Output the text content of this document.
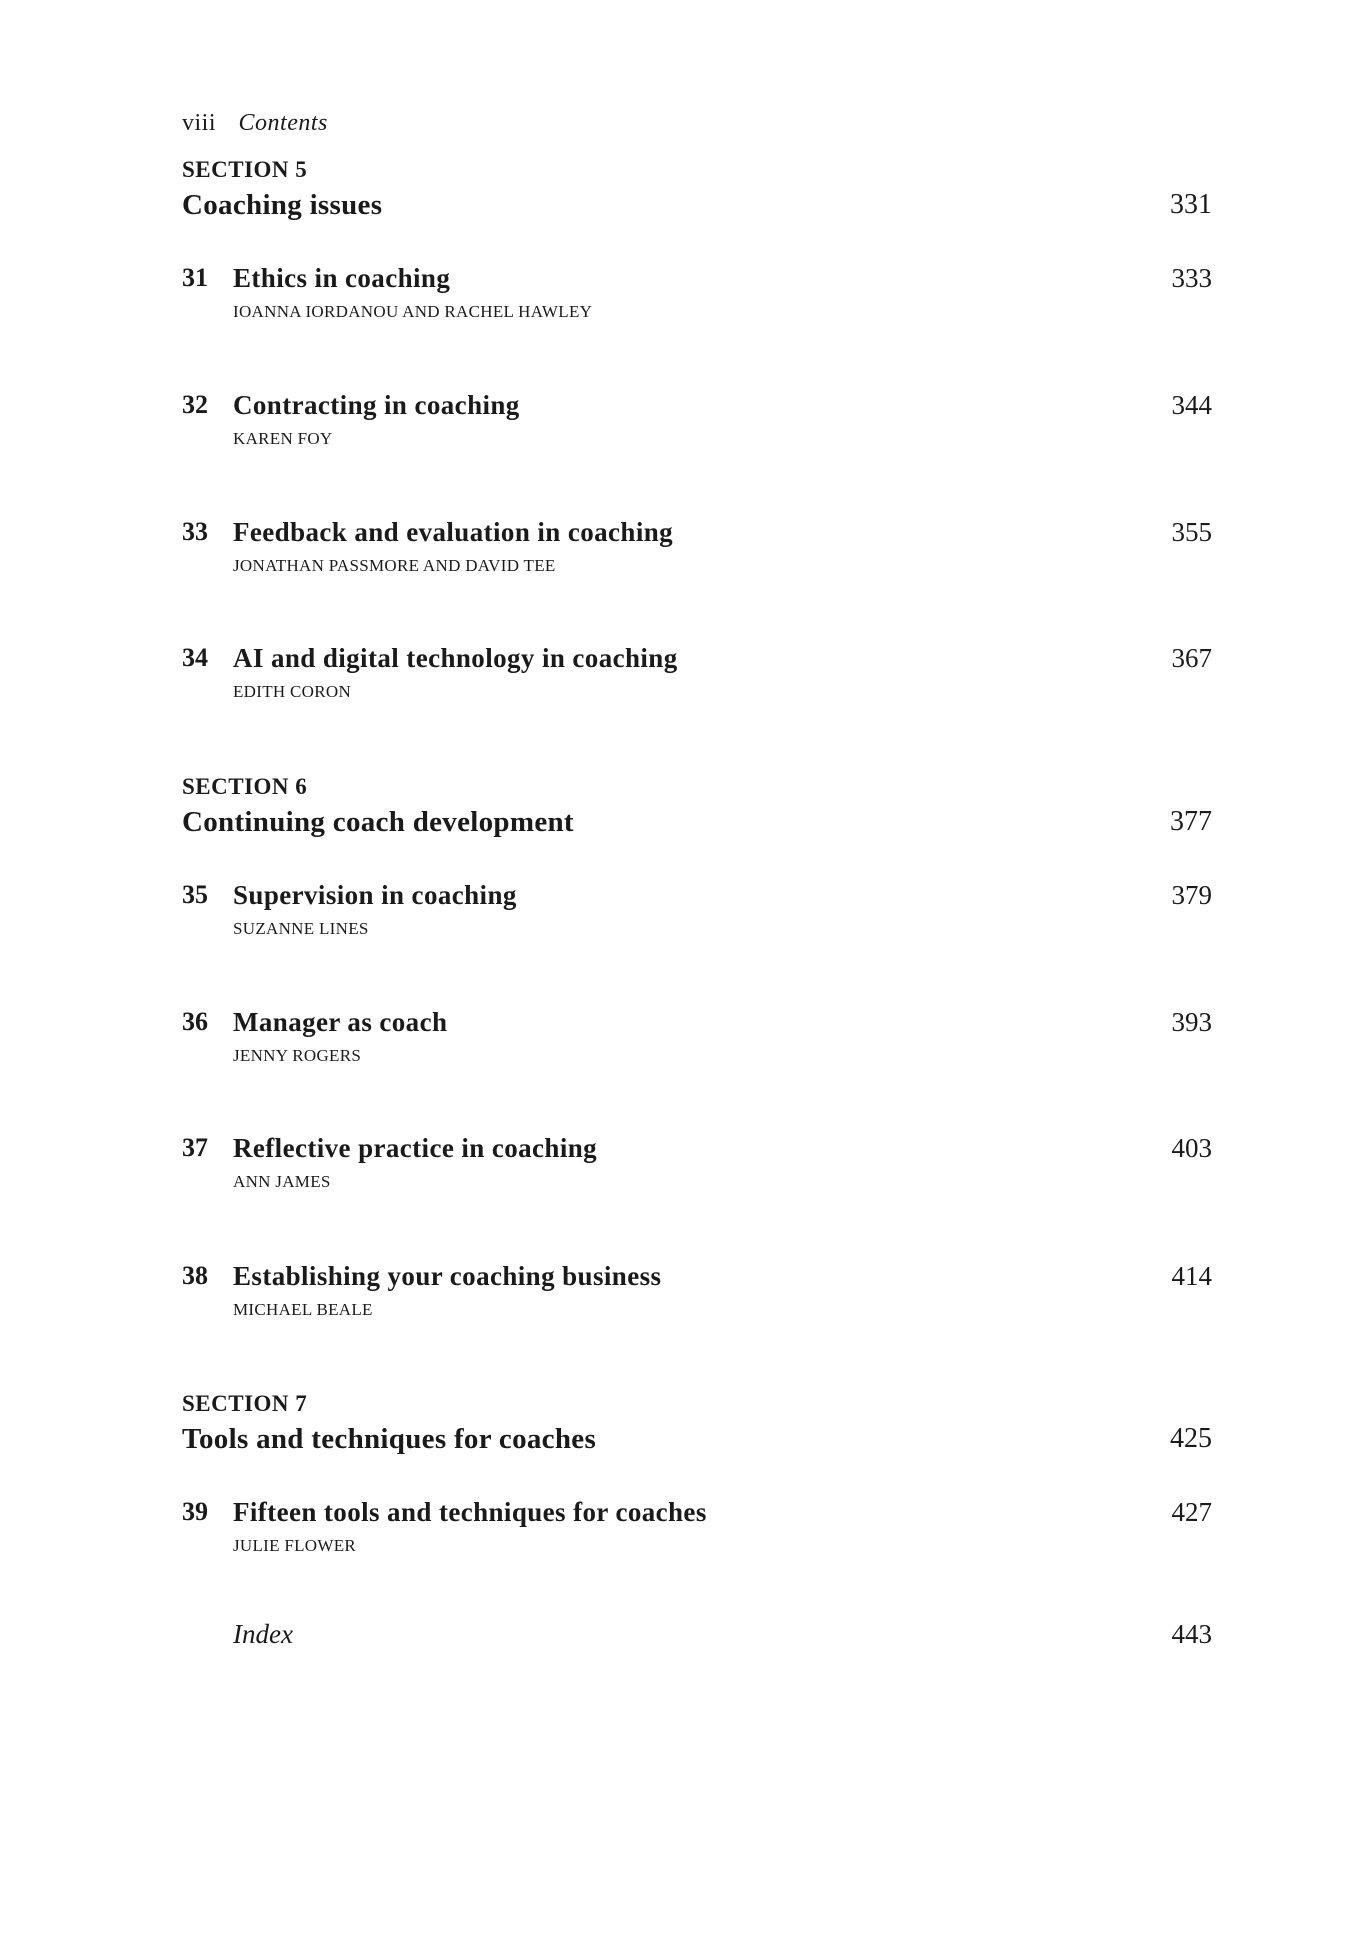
viii Contents
SECTION 5
Coaching issues	331
31 Ethics in coaching	333
IOANNA IORDANOU AND RACHEL HAWLEY
32 Contracting in coaching	344
KAREN FOY
33 Feedback and evaluation in coaching	355
JONATHAN PASSMORE AND DAVID TEE
34 AI and digital technology in coaching	367
EDITH CORON
SECTION 6
Continuing coach development	377
35 Supervision in coaching	379
SUZANNE LINES
36 Manager as coach	393
JENNY ROGERS
37 Reflective practice in coaching	403
ANN JAMES
38 Establishing your coaching business	414
MICHAEL BEALE
SECTION 7
Tools and techniques for coaches	425
39 Fifteen tools and techniques for coaches	427
JULIE FLOWER
Index	443
